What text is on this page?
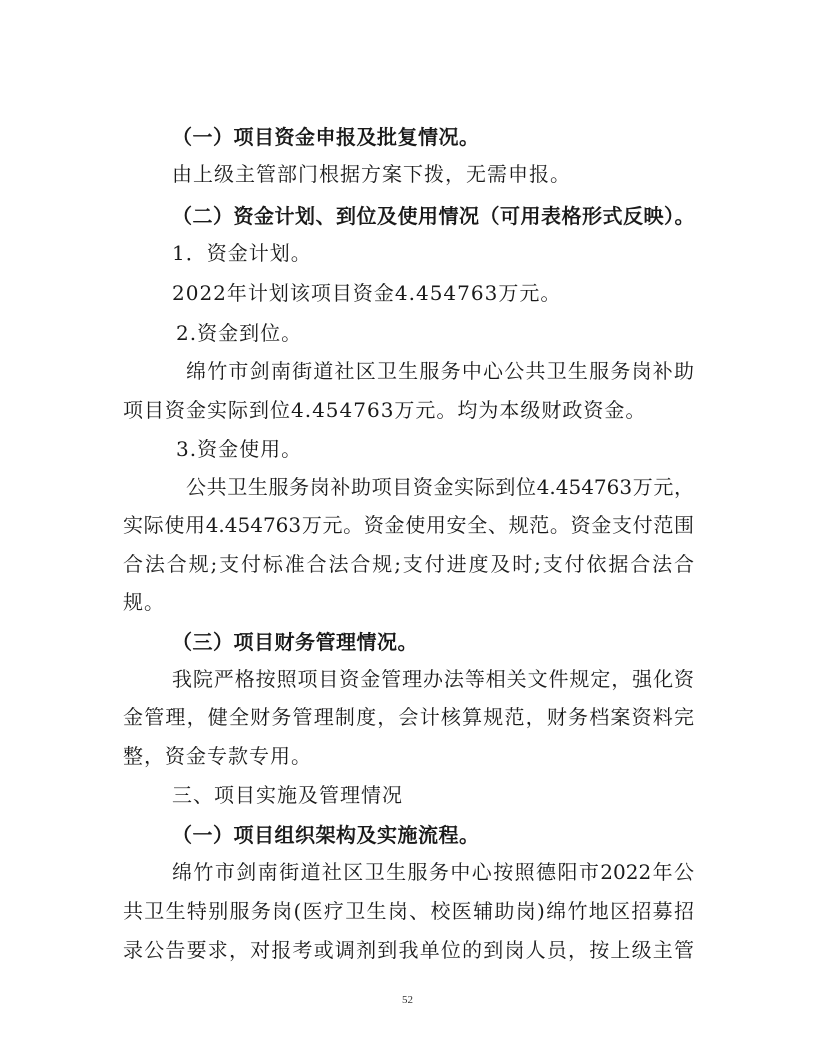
（一）项目资金申报及批复情况。
由上级主管部门根据方案下拨，无需申报。
（二）资金计划、到位及使用情况（可用表格形式反映）。
1．资金计划。
2022年计划该项目资金4.454763万元。
2.资金到位。
绵竹市剑南街道社区卫生服务中心公共卫生服务岗补助
项目资金实际到位4.454763万元。均为本级财政资金。
3.资金使用。
公共卫生服务岗补助项目资金实际到位4.454763万元，
实际使用4.454763万元。资金使用安全、规范。资金支付范围
合法合规;支付标准合法合规;支付进度及时;支付依据合法合
规。
（三）项目财务管理情况。
我院严格按照项目资金管理办法等相关文件规定，强化资
金管理，健全财务管理制度，会计核算规范，财务档案资料完
整，资金专款专用。
三、项目实施及管理情况
（一）项目组织架构及实施流程。
绵竹市剑南街道社区卫生服务中心按照德阳市2022年公
共卫生特别服务岗(医疗卫生岗、校医辅助岗)绵竹地区招募招
录公告要求，对报考或调剂到我单位的到岗人员，按上级主管
52
